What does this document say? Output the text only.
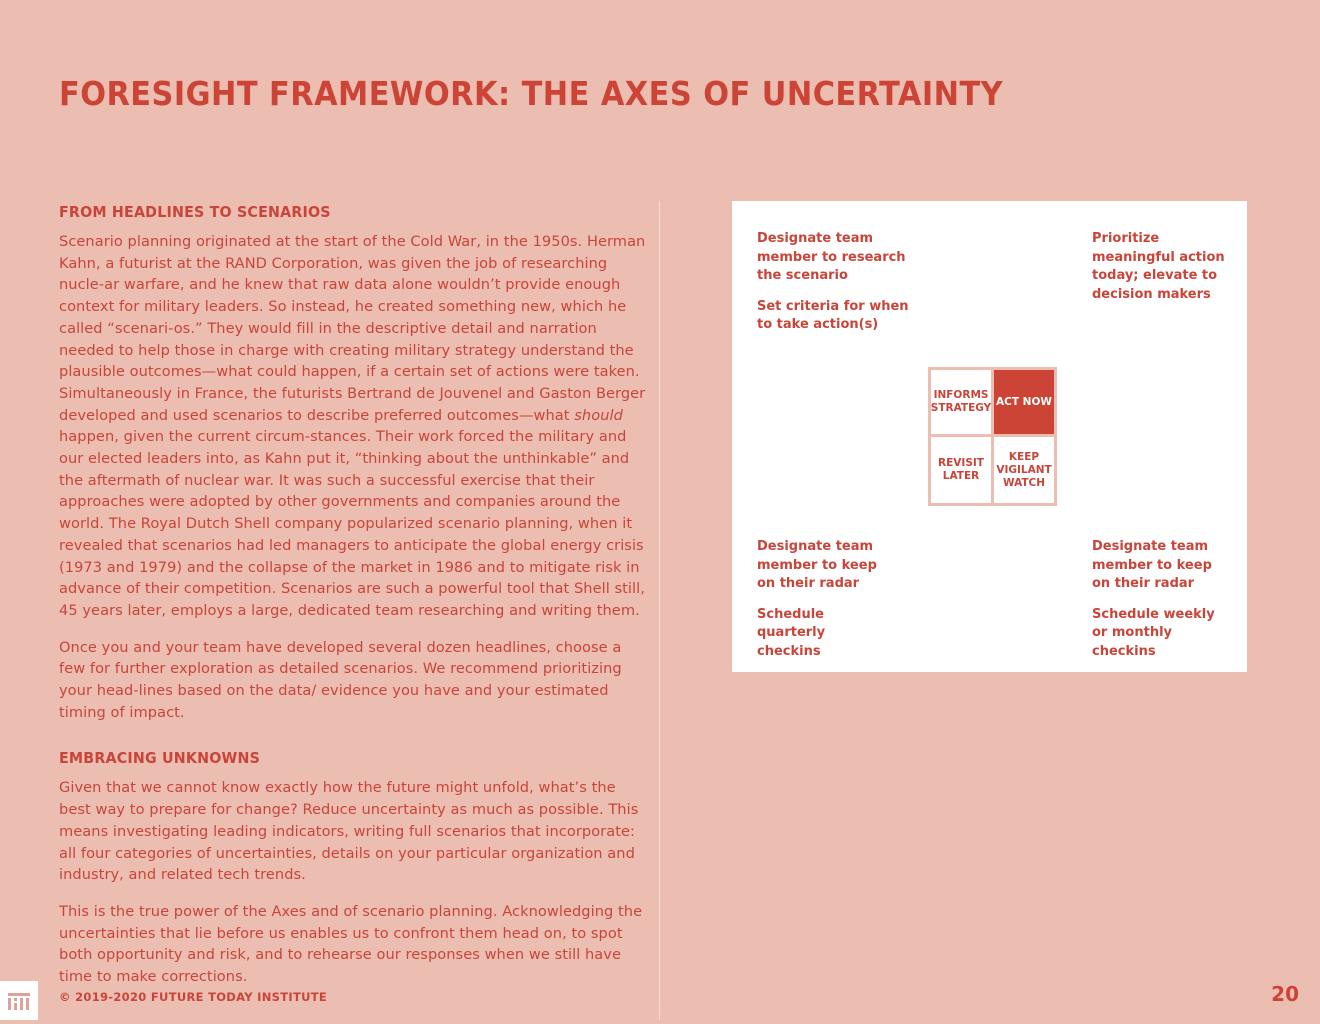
FORESIGHT FRAMEWORK: THE AXES OF UNCERTAINTY
FROM HEADLINES TO SCENARIOS

Scenario planning originated at the start of the Cold War, in the 1950s. Herman Kahn, a futurist at the RAND Corporation, was given the job of researching nucle-ar warfare, and he knew that raw data alone wouldn’t provide enough context for military leaders. So instead, he created something new, which he called “scenari-os.” They would fill in the descriptive detail and narration needed to help those in charge with creating military strategy understand the plausible outcomes—what could happen, if a certain set of actions were taken. Simultaneously in France, the futurists Bertrand de Jouvenel and Gaston Berger developed and used scenarios to describe preferred outcomes—what should happen, given the current circum-stances. Their work forced the military and our elected leaders into, as Kahn put it, “thinking about the unthinkable” and the aftermath of nuclear war. It was such a successful exercise that their approaches were adopted by other governments and companies around the world. The Royal Dutch Shell company popularized scenario planning, when it revealed that scenarios had led managers to anticipate the global energy crisis (1973 and 1979) and the collapse of the market in 1986 and to mitigate risk in advance of their competition. Scenarios are such a powerful tool that Shell still, 45 years later, employs a large, dedicated team researching and writing them.

Once you and your team have developed several dozen headlines, choose a few for further exploration as detailed scenarios. We recommend prioritizing your head-lines based on the data/ evidence you have and your estimated timing of impact.

EMBRACING UNKNOWNS

Given that we cannot know exactly how the future might unfold, what’s the best way to prepare for change? Reduce uncertainty as much as possible. This means investigating leading indicators, writing full scenarios that incorporate: all four categories of uncertainties, details on your particular organization and industry, and related tech trends.

This is the true power of the Axes and of scenario planning. Acknowledging the uncertainties that lie before us enables us to confront them head on, to spot both opportunity and risk, and to rehearse our responses when we still have time to make corrections.

Designate team member to research the scenario
Set criteria for when to take action(s)
Prioritize meaningful action today; elevate to decision makers
Designate team member to keep on their radar
Schedule quarterly checkins
Designate team member to keep on their radar
Schedule weekly or monthly checkins
INFORMS STRATEGY
ACT NOW
REVISIT LATER
KEEP VIGILANT WATCH
© 2019-2020 FUTURE TODAY INSTITUTE	20
